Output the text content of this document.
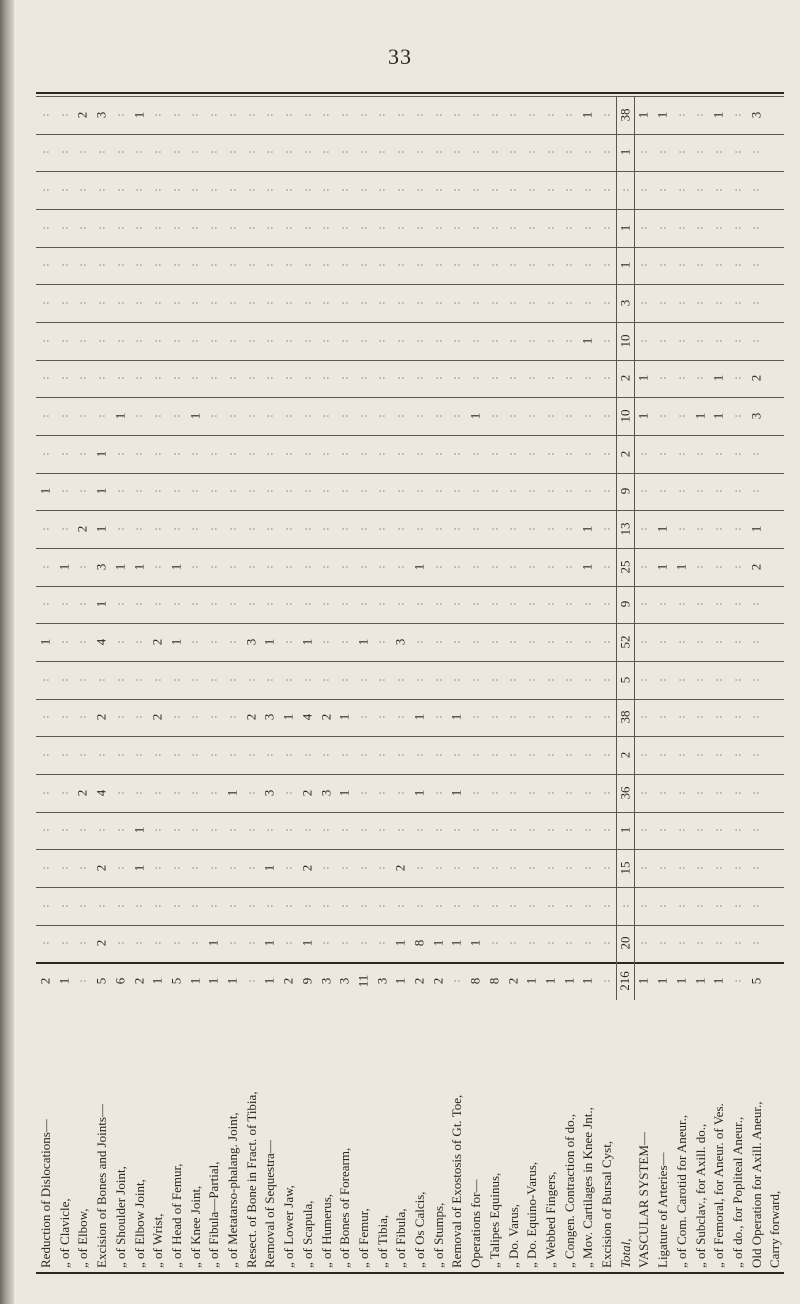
33
: : 2 3 : 1 : : : : : : : : : : : : : : : : : : : : : : : 1 : 38 1 1 : : 1 : 3
: : : : : : : : : : : : : : : : : : : : : : : : : : : : : : : 1 : : : : : : :
: : : : : : : : : : : : : : : : : : : : : : : : : : : : : : : : : : : : : : :
: : : : : : : : : : : : : : : : : : : : : : : : : : : : : : : 1 : : : : : : :
: : : : : : : : : : : : : : : : : : : : : : : : : : : : : : : 1 : : : : : : :
: : : : : : : : : : : : : : : : : : : : : : : : : : : : : : : 3 : : : : : : :
: : : : : : : : : : : : : : : : : : : : : : : : : : : : : 1 : 10 : : : : : : :
: : : : : : : : : : : : : : : : : : : : : : : : : : : : : : : 2 1 : : : 1 : 2
: : : : 1 : : : 1 : : : : : : : : : : : : : : 1 : : : : : : : 10 1 : : 1 1 : 3
: : : 1 : : : : : : : : : : : : : : : : : : : : : : : : : : : 2 : : : : : : :
1 : : 1 : : : : : : : : : : : : : : : : : : : : : : : : : : : 9 : : : : : : :
: : 2 1 : : : : : : : : : : : : : : : : : : : : : : : : : 1 : 13 : 1 : : : : 1
: 1 : 3 1 1 : 1 : : : : : : : : : : : : 1 : : : : : : : : 1 : 25 : 1 1 : : : 2
: : : 1 : : : : : : : : : : : : : : : : : : : : : : : : : : : 9 : : : : : : :
1 : : 4 : : 2 1 : : : 3 1 : 1 : : 1 : 3 : : : : : : : : : : : 52 : : : : : : :
: : : : : : : : : : : : : : : : : : : : : : : : : : : : : : : 5 : : : : : : :
: : : 2 : : 2 : : : : 2 3 1 4 2 1 : : : 1 : 1 : : : : : : : : 38 : : : : : : :
: : : : : : : : : : : : : : : : : : : : : : : : : : : : : : : 2 : : : : : : :
: : 2 4 : : : : : : 1 : 3 : 2 3 1 : : : 1 : 1 : : : : : : : : 36 : : : : : : :
: : : : : 1 : : : : : : : : : : : : : : : : : : : : : : : : : 1 : : : : : : :
: : : 2 : 1 : : : : : : 1 : 2 : : : : 2 : : : : : : : : : : : 15 : : : : : : :
: : : : : : : : : : : : : : : : : : : : : : : : : : : : : : : : : : : : : : :
: : : 2 : : : : : 1 : : 1 : 1 : : : : 1 8 1 1 1 : : : : : : : 20 : : : : : : :
2 1 : 5 6 2 1 5 1 1 1 : 1 2 9 3 3 11 3 1 2 2 : 8 8 2 1 1 1 1 : 216 1 1 1 1 1 : 5
Reduction of Dislocations— „ of Clavicle, „ of Elbow, Excision of Bones and Joints— „ of Shoulder Joint, „ of Elbow Joint, „ of Wrist, „ of Head of Femur, „ of Knee Joint, „ of Fibula—Partial, „ of Metatarso-phalang. Joint, Resect. of Bone in Fract. of Tibia, Removal of Sequestra— „ of Lower Jaw, „ of Scapula, „ of Humerus, „ of Bones of Forearm, „ of Femur, „ of Tibia, „ of Fibula, „ of Os Calcis, „ of Stumps, Removal of Exostosis of Gt. Toe, Operations for— „ Talipes Equinus, „ Do. Varus, „ Do. Equino-Varus, „ Webbed Fingers, „ Congen. Contraction of do., „ Mov. Cartilages in Knee Jnt., Excision of Bursal Cyst, Total, VASCULAR SYSTEM— Ligature of Arteries— „ of Com. Carotid for Aneur., „ of Subclav., for Axill. do., „ of Femoral, for Aneur. of Ves. „ of do., for Popliteal Aneur., Old Operation for Axill. Aneur., Carry forward,
